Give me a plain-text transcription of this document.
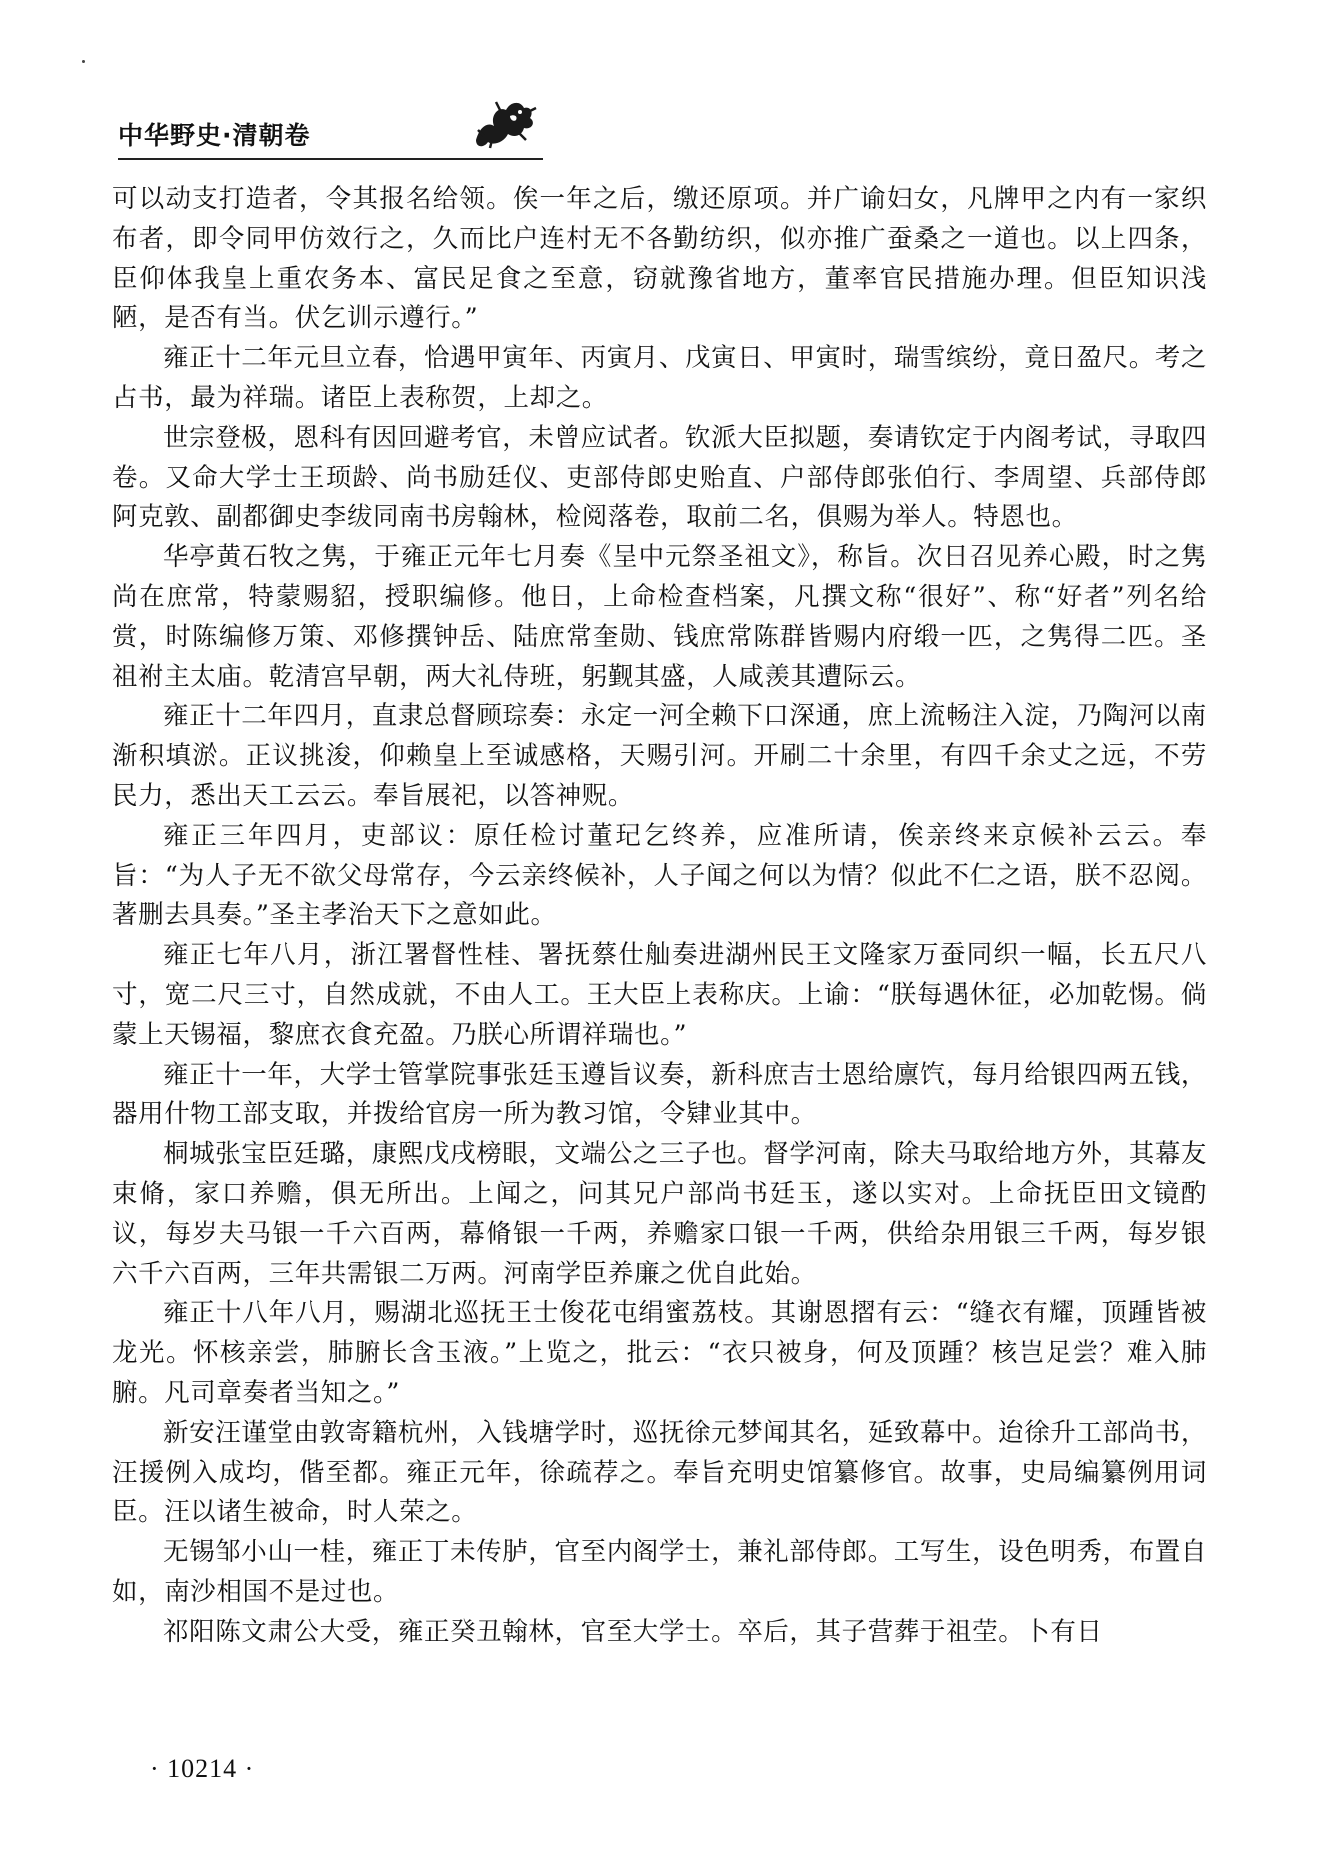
中华野史·清朝卷

可以动支打造者，令其报名给领。俟一年之后，缴还原项。并广谕妇女，凡牌甲之内有一家织布者，即令同甲仿效行之，久而比户连村无不各勤纺织，似亦推广蚕桑之一道也。以上四条，臣仰体我皇上重农务本、富民足食之至意，窃就豫省地方，董率官民措施办理。但臣知识浅陋，是否有当。伏乞训示遵行。”

雍正十二年元旦立春，恰遇甲寅年、丙寅月、戊寅日、甲寅时，瑞雪缤纷，竟日盈尺。考之占书，最为祥瑞。诸臣上表称贺，上却之。

世宗登极，恩科有因回避考官，未曾应试者。钦派大臣拟题，奏请钦定于内阁考试，寻取四卷。又命大学士王顼龄、尚书励廷仪、吏部侍郎史贻直、户部侍郎张伯行、李周望、兵部侍郎阿克敦、副都御史李绂同南书房翰林，检阅落卷，取前二名，俱赐为举人。特恩也。

华亭黄石牧之隽，于雍正元年七月奏《呈中元祭圣祖文》，称旨。次日召见养心殿，时之隽尚在庶常，特蒙赐貂，授职编修。他日，上命检查档案，凡撰文称“很好”、称“好者”列名给赏，时陈编修万策、邓修撰钟岳、陆庶常奎勋、钱庶常陈群皆赐内府缎一匹，之隽得二匹。圣祖祔主太庙。乾清宫早朝，两大礼侍班，躬觐其盛，人咸羡其遭际云。

雍正十二年四月，直隶总督顾琮奏：永定一河全赖下口深通，庶上流畅注入淀，乃陶河以南渐积填淤。正议挑浚，仰赖皇上至诚感格，天赐引河。开刷二十余里，有四千余丈之远，不劳民力，悉出天工云云。奉旨展祀，以答神贶。

雍正三年四月，吏部议：原任检讨董玘乞终养，应准所请，俟亲终来京候补云云。奉旨：“为人子无不欲父母常存，今云亲终候补，人子闻之何以为情？似此不仁之语，朕不忍阅。著删去具奏。”圣主孝治天下之意如此。

雍正七年八月，浙江署督性桂、署抚蔡仕舢奏进湖州民王文隆家万蚕同织一幅，长五尺八寸，宽二尺三寸，自然成就，不由人工。王大臣上表称庆。上谕：“朕每遇休征，必加乾惕。倘蒙上天锡福，黎庶衣食充盈。乃朕心所谓祥瑞也。”

雍正十一年，大学士管掌院事张廷玉遵旨议奏，新科庶吉士恩给廪饩，每月给银四两五钱，器用什物工部支取，并拨给官房一所为教习馆，令肄业其中。

桐城张宝臣廷璐，康熙戊戌榜眼，文端公之三子也。督学河南，除夫马取给地方外，其幕友束脩，家口养赡，俱无所出。上闻之，问其兄户部尚书廷玉，遂以实对。上命抚臣田文镜酌议，每岁夫马银一千六百两，幕脩银一千两，养赡家口银一千两，供给杂用银三千两，每岁银六千六百两，三年共需银二万两。河南学臣养廉之优自此始。

雍正十八年八月，赐湖北巡抚王士俊花屯绢蜜荔枝。其谢恩摺有云：“缝衣有耀，顶踵皆被龙光。怀核亲尝，肺腑长含玉液。”上览之，批云：“衣只被身，何及顶踵？核岂足尝？难入肺腑。凡司章奏者当知之。”

新安汪谨堂由敦寄籍杭州，入钱塘学时，巡抚徐元梦闻其名，延致幕中。迨徐升工部尚书，汪援例入成均，偕至都。雍正元年，徐疏荐之。奉旨充明史馆纂修官。故事，史局编纂例用词臣。汪以诸生被命，时人荣之。

无锡邹小山一桂，雍正丁未传胪，官至内阁学士，兼礼部侍郎。工写生，设色明秀，布置自如，南沙相国不是过也。

祁阳陈文肃公大受，雍正癸丑翰林，官至大学士。卒后，其子营葬于祖茔。卜有日

· 10214 ·
